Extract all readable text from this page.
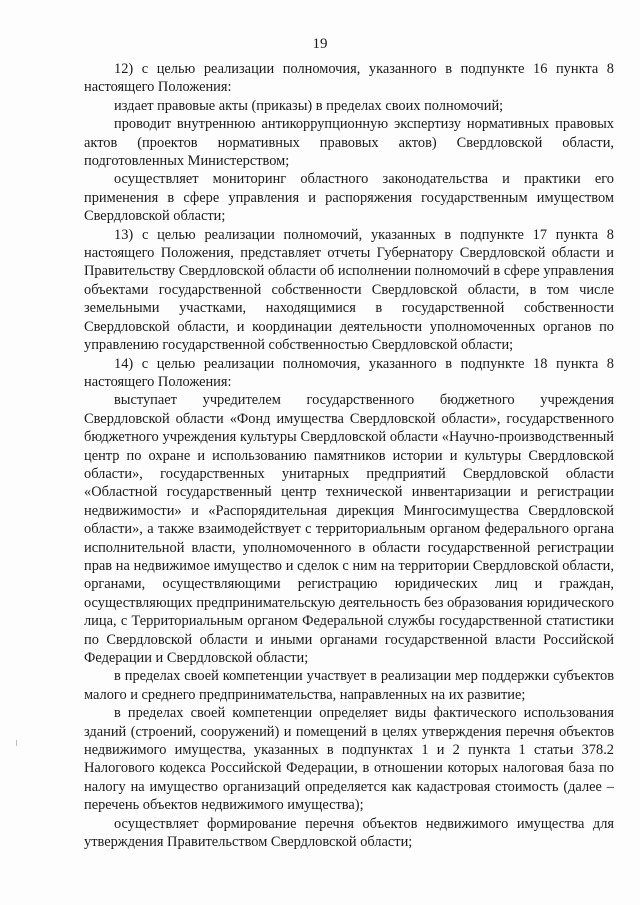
19

12) с целью реализации полномочия, указанного в подпункте 16 пункта 8 настоящего Положения:

издает правовые акты (приказы) в пределах своих полномочий;

проводит внутреннюю антикоррупционную экспертизу нормативных правовых актов (проектов нормативных правовых актов) Свердловской области, подготовленных Министерством;

осуществляет мониторинг областного законодательства и практики его применения в сфере управления и распоряжения государственным имуществом Свердловской области;

13) с целью реализации полномочий, указанных в подпункте 17 пункта 8 настоящего Положения, представляет отчеты Губернатору Свердловской области и Правительству Свердловской области об исполнении полномочий в сфере управления объектами государственной собственности Свердловской области, в том числе земельными участками, находящимися в государственной собственности Свердловской области, и координации деятельности уполномоченных органов по управлению государственной собственностью Свердловской области;

14) с целью реализации полномочия, указанного в подпункте 18 пункта 8 настоящего Положения:

выступает учредителем государственного бюджетного учреждения Свердловской области «Фонд имущества Свердловской области», государственного бюджетного учреждения культуры Свердловской области «Научно-производственный центр по охране и использованию памятников истории и культуры Свердловской области», государственных унитарных предприятий Свердловской области «Областной государственный центр технической инвентаризации и регистрации недвижимости» и «Распорядительная дирекция Мингосимущества Свердловской области», а также взаимодействует с территориальным органом федерального органа исполнительной власти, уполномоченного в области государственной регистрации прав на недвижимое имущество и сделок с ним на территории Свердловской области, органами, осуществляющими регистрацию юридических лиц и граждан, осуществляющих предпринимательскую деятельность без образования юридического лица, с Территориальным органом Федеральной службы государственной статистики по Свердловской области и иными органами государственной власти Российской Федерации и Свердловской области;

в пределах своей компетенции участвует в реализации мер поддержки субъектов малого и среднего предпринимательства, направленных на их развитие;

в пределах своей компетенции определяет виды фактического использования зданий (строений, сооружений) и помещений в целях утверждения перечня объектов недвижимого имущества, указанных в подпунктах 1 и 2 пункта 1 статьи 378.2 Налогового кодекса Российской Федерации, в отношении которых налоговая база по налогу на имущество организаций определяется как кадастровая стоимость (далее – перечень объектов недвижимого имущества);

осуществляет формирование перечня объектов недвижимого имущества для утверждения Правительством Свердловской области;
